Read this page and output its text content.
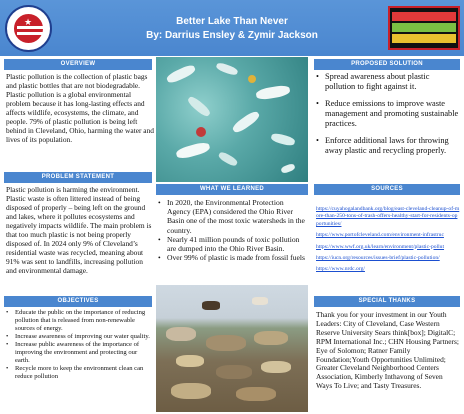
Better Lake Than Never
By: Darrius Ensley & Zymir Jackson
★
OVERVIEW
Plastic pollution is the collection of plastic bags and plastic bottles that are not biodegradable. Plastic pollution is a global environmental problem because it has long-lasting effects and affects wildlife, ecosystems, the climate, and people. 79% of plastic pollution is being left behind in Cleveland, Ohio, harming the water and lives of its population.
PROBLEM STATEMENT
Plastic pollution is harming the environment. Plastic waste is often littered instead of being disposed of properly – being left on the ground and lakes, where it pollutes ecosystems and negatively impacts wildlife. The main problem is that too much plastic is not being properly disposed of. In 2024 only 9% of Cleveland’s residential waste was recycled, meaning about 91% was sent to landfills, increasing pollution and environmental damage.
OBJECTIVES
• Educate the public on the importance of reducing pollution that is released from non-renewable sources of energy.
• Increase awareness of improving our water quality.
• Increase public awareness of the importance of improving the environment and protecting our earth.
• Recycle more to keep the environment clean can reduce pollution
WHAT WE LEARNED
• In 2020, the Environmental Protection Agency (EPA) considered the Ohio River Basin one of the most toxic watersheds in the country.
• Nearly 41 million pounds of toxic pollution are dumped into the Ohio River Basin.
• Over 99% of plastic is made from fossil fuels
PROPOSED SOLUTION
• Spread awareness about plastic pollution to fight against it.
• Reduce emissions to improve waste management and promoting sustainable practices.
• Enforce additional laws for throwing away plastic and recycling properly.
SOURCES
https://cuyahogalandbank.org/blog/east-cleveland-cleanup-of-more-than-250-tons-of-trash-offers-healthy-start-for-residents-opportunities/
https://www.portofcleveland.com/environment-infrastruc
https://www.wwf.org.uk/learn/environment/plastic-pollut
https://iucn.org/resources/issues-brief/plastic-pollution/
https://www.nrdc.org/
SPECIAL THANKS
Thank you for your investment in our Youth Leaders: City of Cleveland, Case Western Reserve University Sears think[box]; DigitalC; RPM International Inc.; CHN Housing Partners; Eye of Solomon; Ratner Family Foundation;Youth Opportunities Unlimited; Greater Cleveland Neighborhood Centers Association, Kimberly Inthavong of Seven Ways To Live; and Tasty Treasures.
